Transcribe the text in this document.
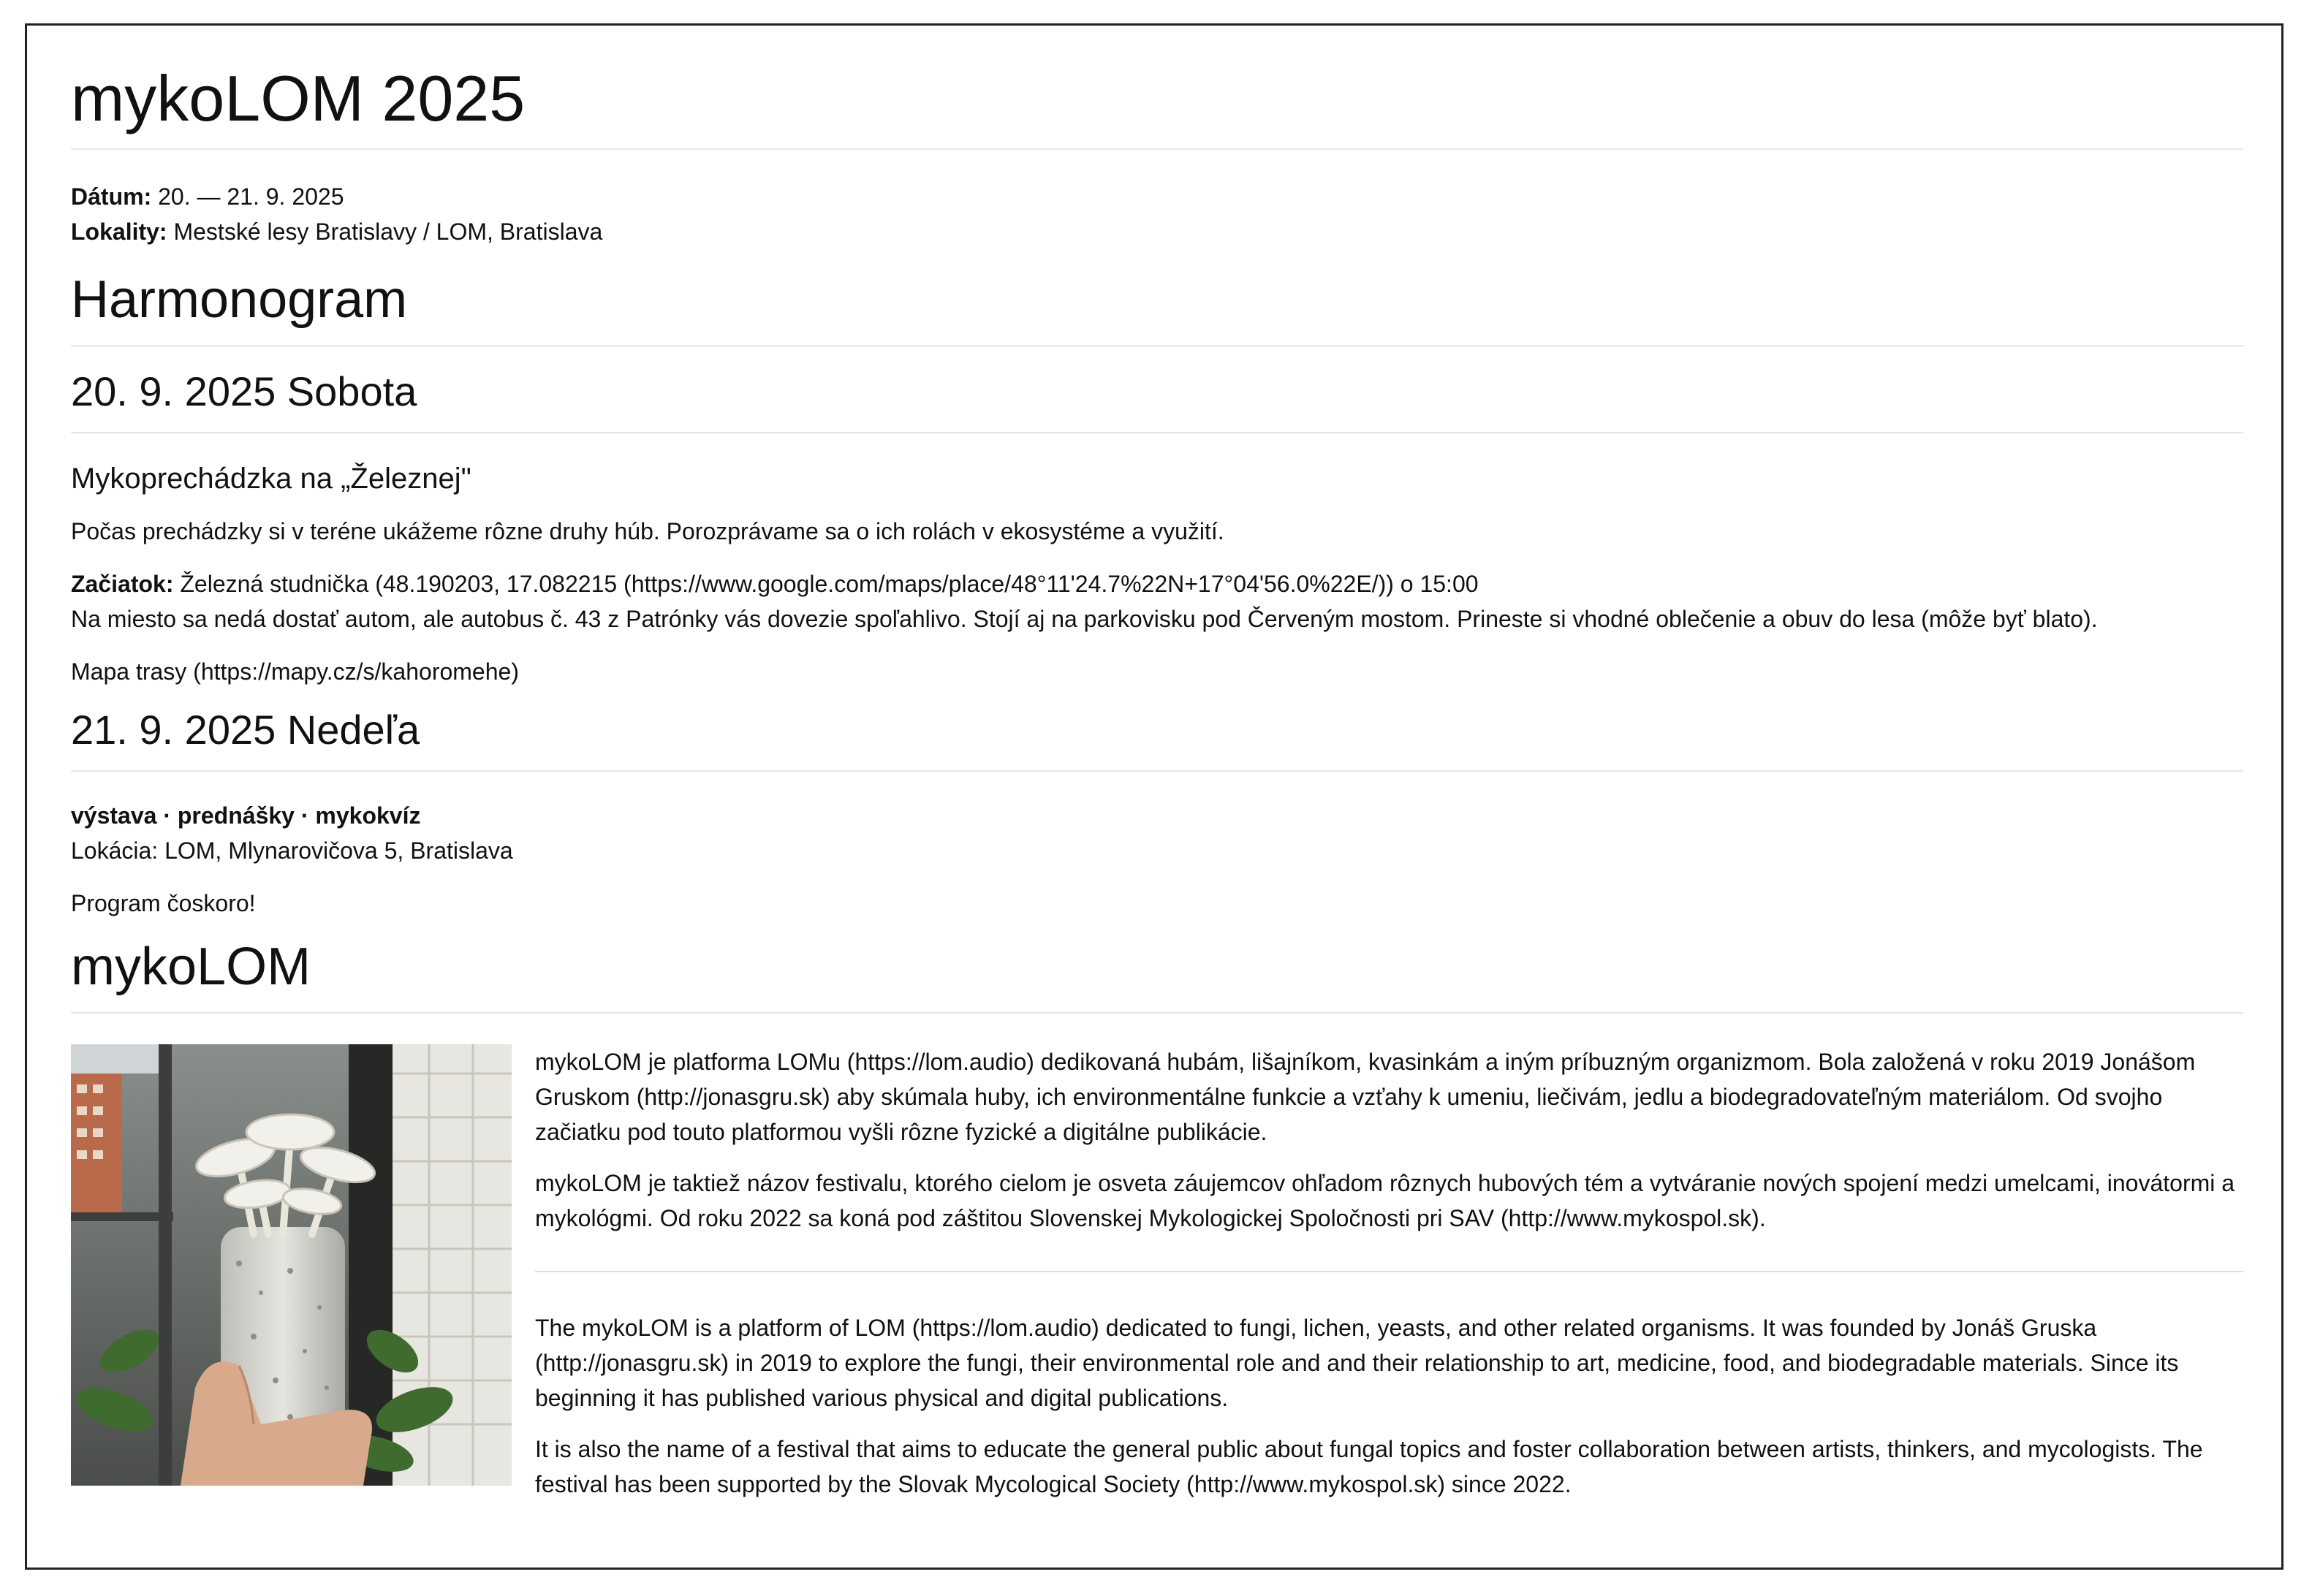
mykoLOM 2025

Dátum: 20. — 21. 9. 2025

Lokality: Mestské lesy Bratislavy / LOM, Bratislava

Harmonogram
20. 9. 2025 Sobota
Mykoprechádzka na „Železnej"

Počas prechádzky si v teréne ukážeme rôzne druhy húb. Porozprávame sa o ich rolách v ekosystéme a využití.

Začiatok: Železná studnička (48.190203, 17.082215 (https://www.google.com/maps/place/48°11'24.7%22N+17°04'56.0%22E/)) o 15:00

Na miesto sa nedá dostať autom, ale autobus č. 43 z Patrónky vás dovezie spoľahlivo. Stojí aj na parkovisku pod Červeným mostom. Prineste si vhodné oblečenie a obuv do lesa (môže byť blato).

Mapa trasy (https://mapy.cz/s/kahoromehe)

21. 9. 2025 Nedeľa

výstava · prednášky · mykokvíz

Lokácia: LOM, Mlynarovičova 5, Bratislava

Program čoskoro!

mykoLOM

mykoLOM je platforma LOMu (https://lom.audio) dedikovaná hubám, lišajníkom, kvasinkám a iným príbuzným organizmom. Bola založená v roku 2019 Jonášom Gruskom (http://jonasgru.sk) aby skúmala huby, ich environmentálne funkcie a vzťahy k umeniu, liečivám, jedlu a biodegradovateľným materiálom. Od svojho začiatku pod touto platformou vyšli rôzne fyzické a digitálne publikácie.

mykoLOM je taktiež názov festivalu, ktorého cielom je osveta záujemcov ohľadom rôznych hubových tém a vytváranie nových spojení medzi umelcami, inovátormi a mykológmi. Od roku 2022 sa koná pod záštitou Slovenskej Mykologickej Spoločnosti pri SAV (http://www.mykospol.sk).

The mykoLOM is a platform of LOM (https://lom.audio) dedicated to fungi, lichen, yeasts, and other related organisms. It was founded by Jonáš Gruska (http://jonasgru.sk) in 2019 to explore the fungi, their environmental role and and their relationship to art, medicine, food, and biodegradable materials. Since its beginning it has published various physical and digital publications.

It is also the name of a festival that aims to educate the general public about fungal topics and foster collaboration between artists, thinkers, and mycologists. The festival has been supported by the Slovak Mycological Society (http://www.mykospol.sk) since 2022.
